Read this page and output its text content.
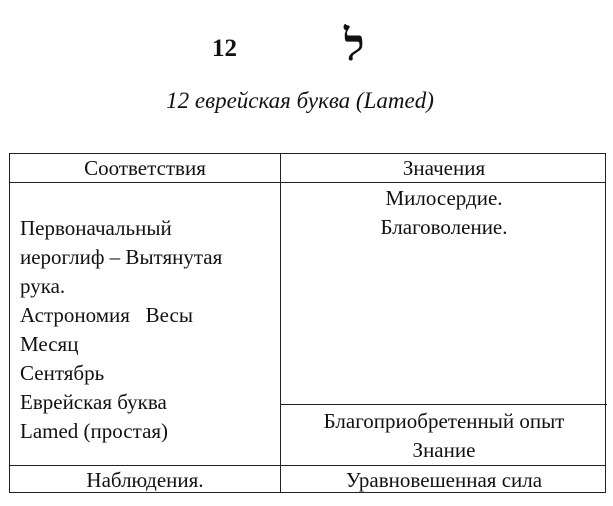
12 ל
12 еврейская буква (Lamed)
Соответствия	Значения
Первоначальный
иероглиф – Вытянутая
рука.
Астрономия   Весы
Месяц
Сентябрь
Еврейская буква
Lamed (простая)
Милосердие.
Благоволение.
Благоприобретенный опыт
Знание
Наблюдения.	Уравновешенная сила
